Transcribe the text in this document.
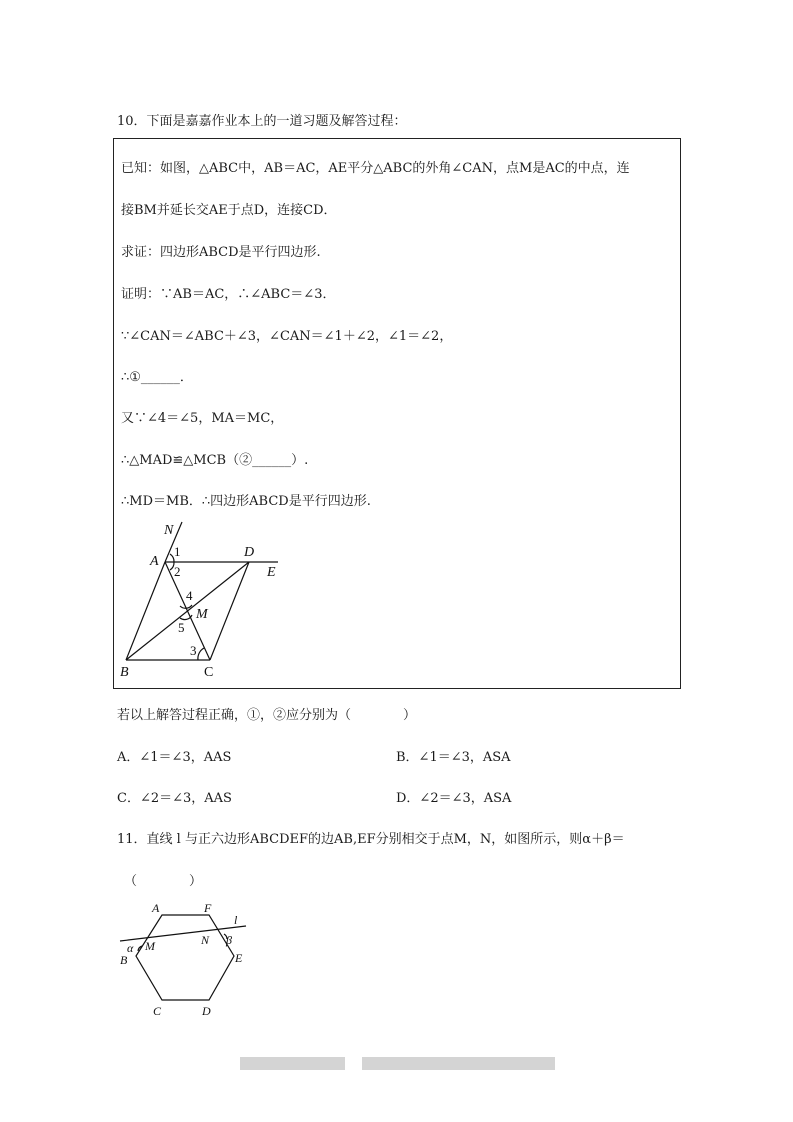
10．下面是嘉嘉作业本上的一道习题及解答过程：
已知：如图，△ABC中，AB＝AC，AE平分△ABC的外角∠CAN，点M是AC的中点，连
接BM并延长交AE于点D，连接CD．
求证：四边形ABCD是平行四边形.
证明：∵AB＝AC，∴∠ABC＝∠3．
∵∠CAN＝∠ABC＋∠3，∠CAN＝∠1＋∠2，∠1＝∠2，
∴①______．
又∵∠4＝∠5，MA＝MC，
∴△MAD≌△MCB（②______）.
∴MD＝MB．∴四边形ABCD是平行四边形.
N
A
D
E
B	C
M
1
2
3
4
5
若以上解答过程正确，①，②应分别为（　　　　）
A．∠1＝∠3，AAS	B．∠1＝∠3，ASA
C．∠2＝∠3，AAS	D．∠2＝∠3，ASA
11．直线 l 与正六边形ABCDEF的边AB,EF分别相交于点M，N，如图所示，则α＋β＝
（　　　　）
A	F
l
α M	N β
B	E
C	D
